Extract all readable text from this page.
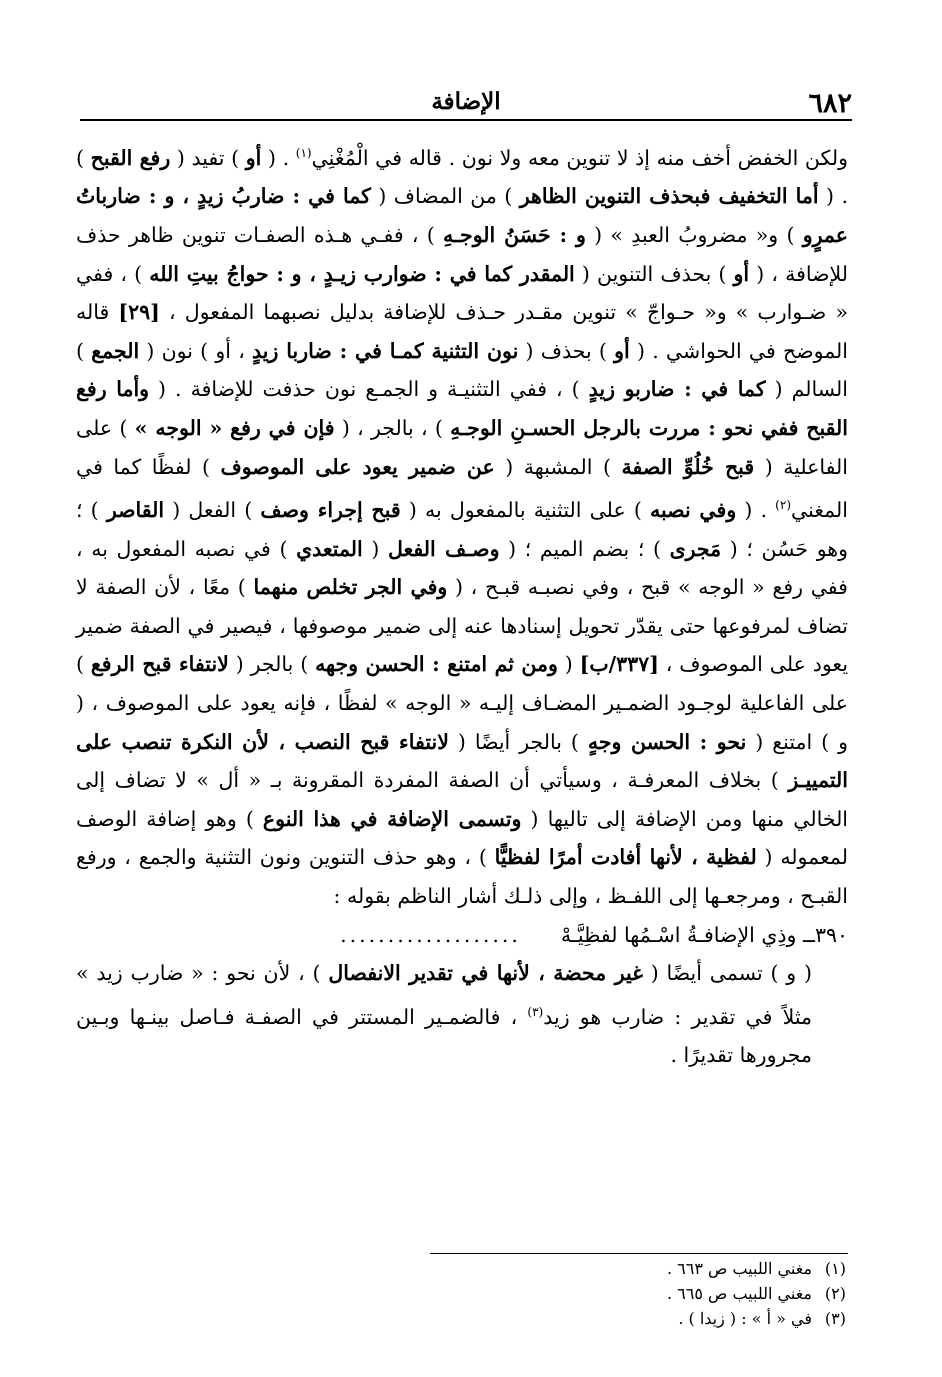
٦٨٢
الإضافة

ولكن الخفض أخف منه إذ لا تنوين معه ولا نون . قاله في الْمُغْنِي$^{(١)}$ . ( أو ) تفيد ( رفع القبح ) . ( أما التخفيف فبحذف التنوين الظاهر ) من المضاف ( كما في : ضاربُ زيدٍ ، و : ضارباتُ عمرٍو ) و« مضروبُ العبدِ » ( و : حَسَنُ الوجـهِ ) ، ففـي هـذه الصفـات تنوين ظاهر حذف للإضافة ، ( أو ) بحذف التنوين ( المقدر كما في : ضوارب زيـدٍ ، و : حواجُ بيتِ الله ) ، ففي « ضـوارب » و« حـواجّ » تنوين مقـدر حـذف للإضافة بدليل نصبهما المفعول ، [٢٩] قاله الموضح في الحواشي . ( أو ) بحذف ( نون التثنية كمـا في : ضاربا زيدٍ ، أو ) نون ( الجمع ) السالم ( كما في : ضاربو زيدٍ ) ، ففي التثنيـة و الجمـع نون حذفت للإضافة . ( وأما رفع القبح ففي نحو : مررت بالرجل الحسـنِ الوجـهِ ) ، بالجر ، ( فإن في رفع « الوجه » ) على الفاعلية ( قبح خُلُوِّ الصفة ) المشبهة ( عن ضمير يعود على الموصوف ) لفظًا كما في المغني$^{(٢)}$ . ( وفي نصبه ) على التثنية بالمفعول به ( قبح إجراء وصف ) الفعل ( القاصر ) ؛ وهو حَسُن ؛ ( مَجرى ) ؛ بضم الميم ؛ ( وصـف الفعل ( المتعدي ) في نصبه المفعول به ، ففي رفع « الوجه » قبح ، وفي نصبـه قبـح ، ( وفي الجر تخلص منهما ) معًا ، لأن الصفة لا تضاف لمرفوعها حتى يقدّر تحويل إسنادها عنه إلى ضمير موصوفها ، فيصير في الصفة ضمير يعود على الموصوف ، [٣٣٧/ب] ( ومن ثم امتنع : الحسن وجهه ) بالجر ( لانتفاء قبح الرفع ) على الفاعلية لوجـود الضمـير المضـاف إليـه « الوجه » لفظًا ، فإنه يعود على الموصوف ، ( و ) امتنع ( نحو : الحسن وجهٍ ) بالجر أيضًا ( لانتفاء قبح النصب ، لأن النكرة تنصب على التمييـز ) بخلاف المعرفـة ، وسيأتي أن الصفة المفردة المقرونة بـ « أل » لا تضاف إلى الخالي منها ومن الإضافة إلى تاليها ( وتسمى الإضافة في هذا النوع ) وهو إضافة الوصف لمعموله ( لفظية ، لأنها أفادت أمرًا لفظيًّا ) ، وهو حذف التنوين ونون التثنية والجمع ، ورفع القبـح ، ومرجعـها إلى اللفـظ ، وإلى ذلـك أشار الناظم بقوله :

٣٩٠ــ وذِي الإضافـةُ اسْـمُها لفظِيَّـهْ
...................

( و ) تسمى أيضًا ( غير محضة ، لأنها في تقدير الانفصال ) ، لأن نحو : « ضارب زيد » مثلاً في تقدير : ضارب هو زيد$^{(٣)}$ ، فالضمـير المستتر في الصفـة فـاصل بينـها وبـين مجرورها تقديرًا .

(١)مغني اللبيب ص ٦٦٣ .
(٢)مغني اللبيب ص ٦٦٥ .
(٣)في « أ » : ( زيدا ) .
